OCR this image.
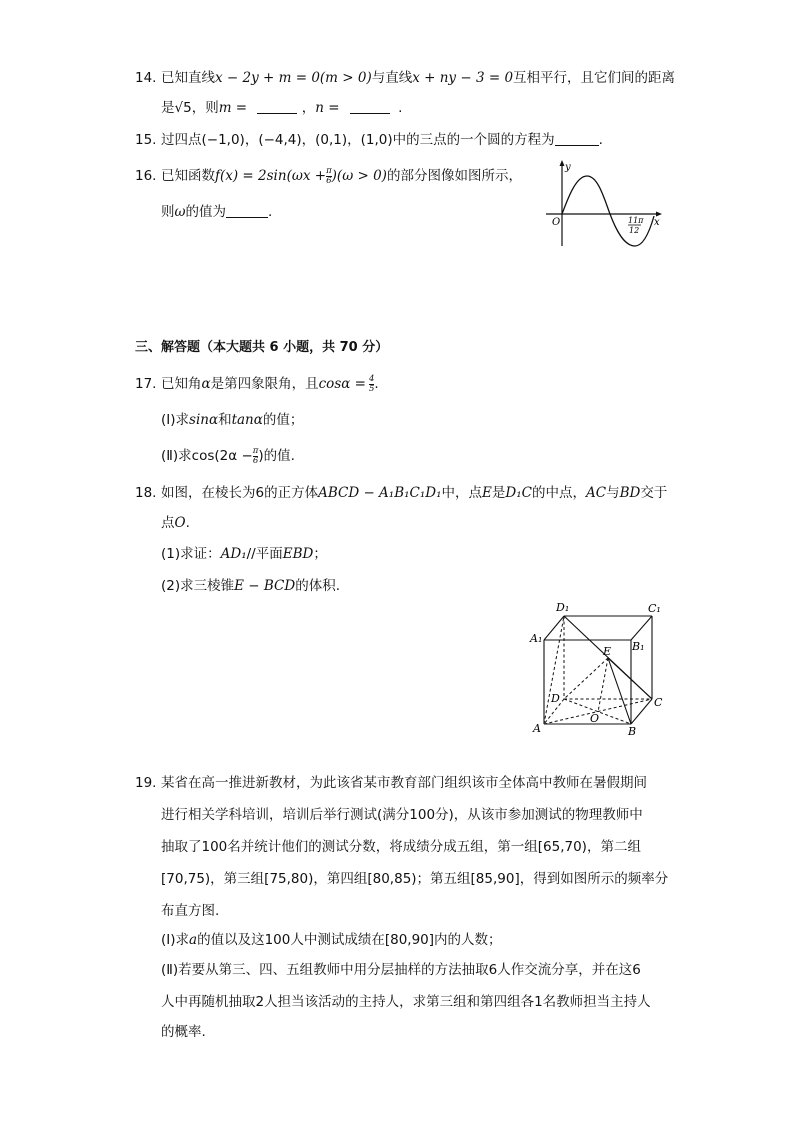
14. 已知直线x − 2y + m = 0(m > 0)与直线x + ny − 3 = 0互相平行，且它们间的距离
是√5，则m =	，n =	.
15. 过四点(−1,0)，(−4,4)，(0,1)，(1,0)中的三点的一个圆的方程为	.
16. 已知函数$f(x) = 2\sin(\omega x + \frac{\pi}{6} )(\omega > 0)$的部分图像如图所示，
则ω的值为	.
y
x
O	11π
12
三、解答题（本大题共 6 小题，共 70 分）
17. 已知角α是第四象限角，且$\cos\alpha = \frac{4}{5}$ .
(Ⅰ)求sinα和tanα的值；
(Ⅱ)求$\cos(2\alpha - \frac{\pi}{6}$ )的值.
18. 如图，在棱长为6的正方体ABCD − A₁B₁C₁D₁中，点E是D₁C的中点，AC与BD交于
点O.
(1)求证：AD₁//平面EBD；
(2)求三棱锥E − BCD的体积.
D₁	C₁
A₁
B₁
E
D	C
A
O
B
19. 某省在高一推进新教材，为此该省某市教育部门组织该市全体高中教师在暑假期间
进行相关学科培训，培训后举行测试(满分100分)，从该市参加测试的物理教师中
抽取了100名并统计他们的测试分数，将成绩分成五组，第一组[65,70)，第二组
[70,75)，第三组[75,80)，第四组[80,85)；第五组[85,90]，得到如图所示的频率分
布直方图.
(Ⅰ)求a的值以及这100人中测试成绩在[80,90]内的人数；
(Ⅱ)若要从第三、四、五组教师中用分层抽样的方法抽取6人作交流分享，并在这6
人中再随机抽取2人担当该活动的主持人，求第三组和第四组各1名教师担当主持人
的概率.
